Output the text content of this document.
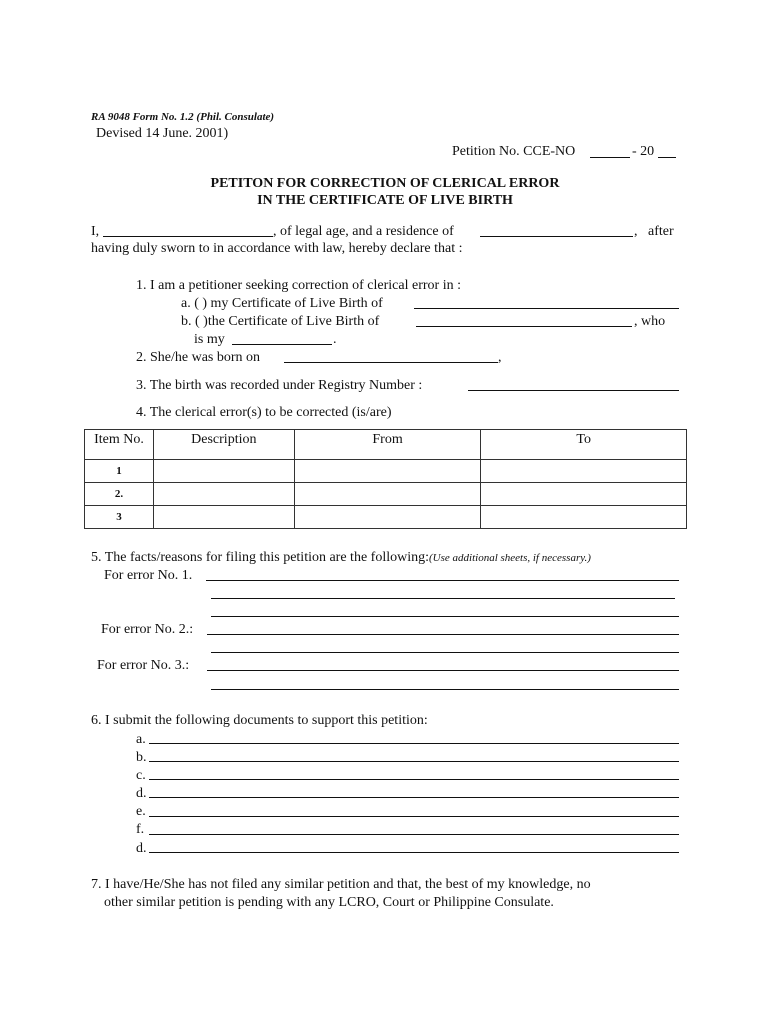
RA 9048 Form No. 1.2 (Phil. Consulate)
Devised 14 June. 2001)
Petition No. CCE-NO	- 20
PETITON FOR CORRECTION OF CLERICAL ERROR
IN THE CERTIFICATE OF LIVE BIRTH
I,	, of legal age, and a residence of	, after
having duly sworn to in accordance with law, hereby declare that :
1. I am a petitioner seeking correction of clerical error in :
a. ( ) my Certificate of Live Birth of
b. ( )the Certificate of Live Birth of	, who
is my	.
2. She/he was born on	,
3. The birth was recorded under Registry Number :
4. The clerical error(s) to be corrected (is/are)
Item No.	Description	From	To
1			
2.			
3			
5. The facts/reasons for filing this petition are the following:(Use additional sheets, if necessary.)
For error No. 1.
For error No. 2.:
For error No. 3.:
6. I submit the following documents to support this petition:
a.
b.
c.
d.
e.
f.
d.
7. I have/He/She has not filed any similar petition and that, the best of my knowledge, no
other similar petition is pending with any LCRO, Court or Philippine Consulate.
